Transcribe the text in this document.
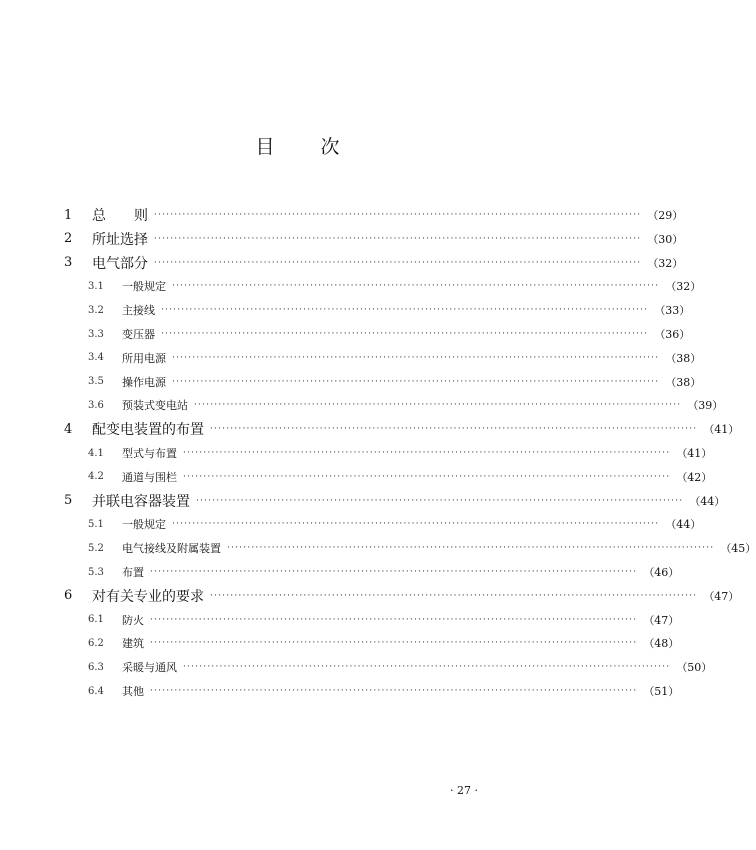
目 次
1	总　　则 ························································································································ （29）
2	所址选择 ························································································································ （30）
3	电气部分 ························································································································ （32）
3.1	一般规定 ························································································································ （32）
3.2	主接线 ························································································································ （33）
3.3	变压器 ························································································································ （36）
3.4	所用电源 ························································································································ （38）
3.5	操作电源 ························································································································ （38）
3.6	预装式变电站 ························································································································ （39）
4	配变电装置的布置 ························································································································ （41）
4.1	型式与布置 ························································································································ （41）
4.2	通道与围栏 ························································································································ （42）
5	并联电容器装置 ························································································································ （44）
5.1	一般规定 ························································································································ （44）
5.2	电气接线及附属装置 ························································································································ （45）
5.3	布置 ························································································································ （46）
6	对有关专业的要求 ························································································································ （47）
6.1	防火 ························································································································ （47）
6.2	建筑 ························································································································ （48）
6.3	采暖与通风 ························································································································ （50）
6.4	其他 ························································································································ （51）
· 27 ·
